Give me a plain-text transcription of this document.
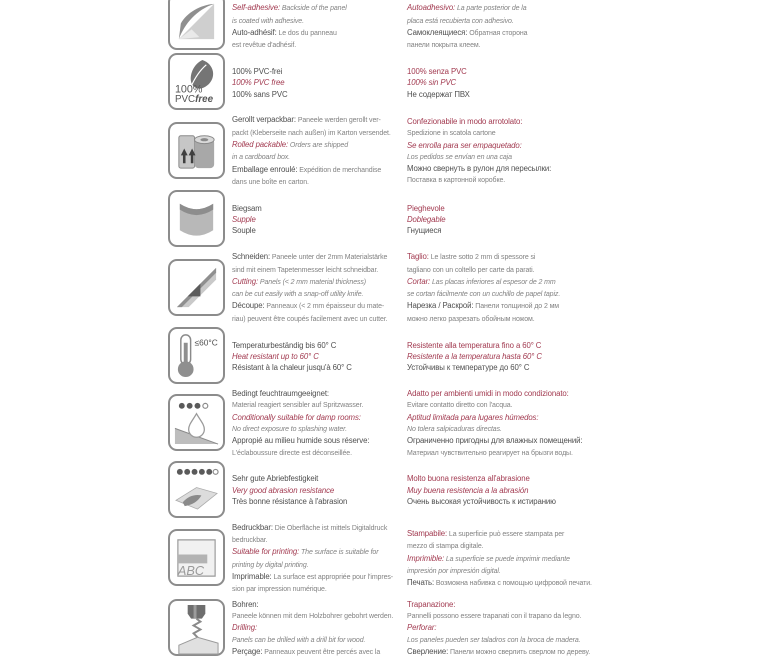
Self-adhesive: Backside of the panel
is coated with adhesive.
Auto-adhésif: Le dos du panneau
est revêtue d'adhésif.
Autoadhesivo: La parte posterior de la
placa está recubierta con adhesivo.
Самоклеящиеся: Обратная сторона
панели покрыта клеем.
100%
PVCfree
100% PVC-frei
100% PVC free
100% sans PVC
100% senza PVC
100% sin PVC
Не содержат ПВХ
Gerollt verpackbar: Paneele werden gerollt ver-
packt (Kleberseite nach außen) im Karton versendet.
Rolled packable: Orders are shipped
in a cardboard box.
Emballage enroulé: Expédition de merchandise
dans une boîte en carton.
Confezionabile in modo arrotolato:
Spedizione in scatola cartone
Se enrolla para ser empaquetado:
Los pedidos se envían en una caja
Можно свернуть в рулон для пересылки:
Поставка в картонной коробке.
Biegsam
Supple
Souple
Pieghevole
Doblegable
Гнущиеся
Schneiden: Paneele unter der 2mm Materialstärke
sind mit einem Tapetenmesser leicht schneidbar.
Cutting: Panels (< 2 mm material thickness)
can be cut easily with a snap-off utility knife.
Découpe: Panneaux (< 2 mm épaisseur du mate-
riau) peuvent être coupés facilement avec un cutter.
Taglio: Le lastre sotto 2 mm di spessore si
tagliano con un coltello per carte da parati.
Cortar: Las placas inferiores al espesor de 2 mm
se cortan fácilmente con un cuchillo de papel tapiz.
Нарезка / Раскрой: Панели толщиной до 2 мм
можно легко разрезать обойным ножом.
≤60°C Temperaturbeständig bis 60° C
Heat resistant up to 60° C
Résistant à la chaleur jusqu'à 60° C
Resistente alla temperatura fino a 60° C
Resistente a la temperatura hasta 60° C
Устойчивы к температуре до 60° C
Bedingt feuchtraumgeeignet:
Material reagiert sensibler auf Spritzwasser.
Conditionally suitable for damp rooms:
No direct exposure to splashing water.
Appropié au milieu humide sous réserve:
L'éclaboussure directe est déconseillée.
Adatto per ambienti umidi in modo condizionato:
Evitare contatto diretto con l'acqua.
Aptitud limitada para lugares húmedos:
No tolera salpicaduras directas.
Ограниченно пригодны для влажных помещений:
Материал чувствительно реагирует на брызги воды.
Sehr gute Abriebfestigkeit
Very good abrasion resistance
Très bonne résistance à l'abrasion
Molto buona resistenza all'abrasione
Muy buena resistencia a la abrasión
Очень высокая устойчивость к истиранию
ABC
Bedruckbar: Die Oberfläche ist mittels Digitaldruck
bedruckbar.
Suitable for printing: The surface is suitable for
printing by digital printing.
Imprimable: La surface est appropriée pour l'impres-
sion par impression numérique.
Stampabile: La superficie può essere stampata per
mezzo di stampa digitale.
Imprimible: La superficie se puede imprimir mediante
impresión por impresión digital.
Печать: Возможна набивка с помощью цифровой печати.
Bohren:
Paneele können mit dem Holzbohrer gebohrt werden.
Drilling:
Panels can be drilled with a drill bit for wood.
Perçage: Panneaux peuvent être percés avec la
Trapanazione:
Pannelli possono essere trapanati con il trapano da legno.
Perforar:
Los paneles pueden ser taladros con la broca de madera.
Сверление: Панели можно сверлить сверлом по дереву.
